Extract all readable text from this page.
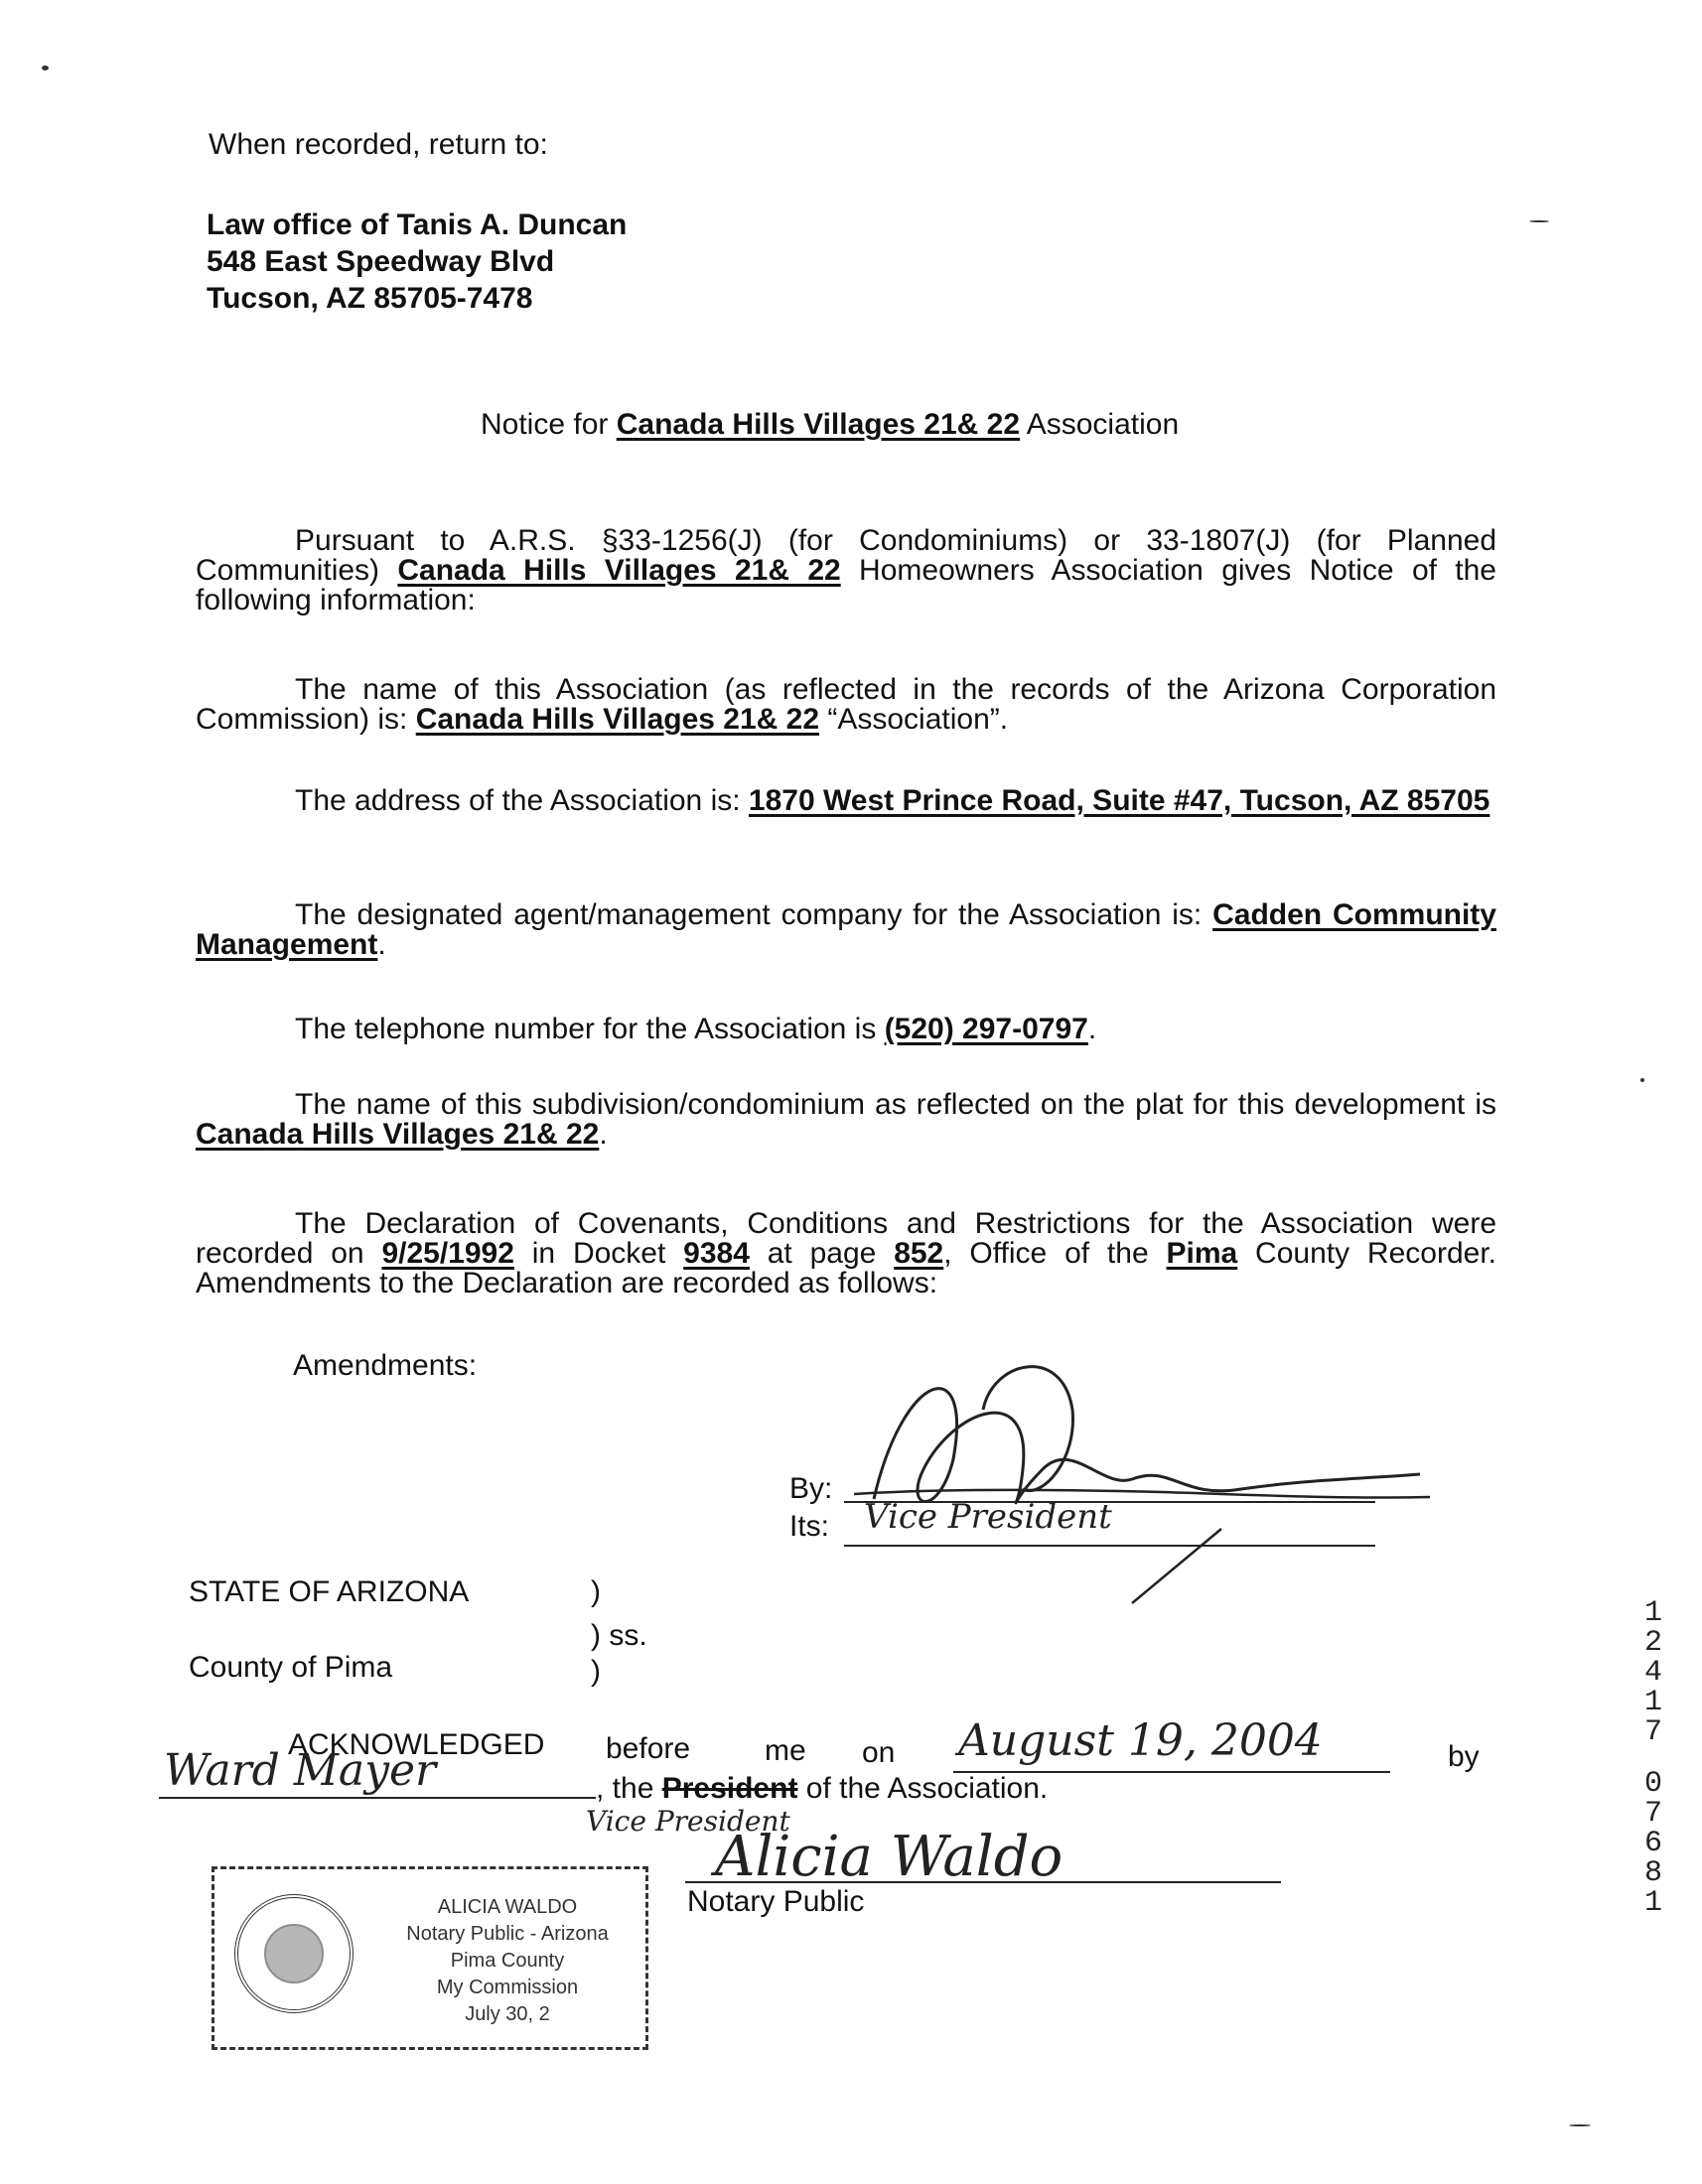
When recorded, return to:
Law office of Tanis A. Duncan
548 East Speedway Blvd
Tucson, AZ 85705-7478
Notice for Canada Hills Villages 21& 22 Association
Pursuant to A.R.S. §33-1256(J) (for Condominiums) or 33-1807(J) (for Planned Communities) Canada Hills Villages 21& 22 Homeowners Association gives Notice of the following information:
The name of this Association (as reflected in the records of the Arizona Corporation Commission) is: Canada Hills Villages 21& 22 “Association”.
The address of the Association is: 1870 West Prince Road, Suite #47, Tucson, AZ 85705
The designated agent/management company for the Association is: Cadden Community Management.
The telephone number for the Association is (520) 297-0797.
The name of this subdivision/condominium as reflected on the plat for this development is Canada Hills Villages 21& 22.
The Declaration of Covenants, Conditions and Restrictions for the Association were recorded on 9/25/1992 in Docket 9384 at page 852, Office of the Pima County Recorder. Amendments to the Declaration are recorded as follows:
Amendments:
By:
Its: Vice President
STATE OF ARIZONA
County of Pima
)
) ss.
)
ACKNOWLEDGED before me on August 19, 2004	by
Ward Mayer	, the President of the Association.
Vice President
Alicia Waldo
Notary Public
ALICIA WALDO
Notary Public - Arizona
Pima County
My Commission
July 30, 2
1
2
4
1
7
0
7
6
8
1
